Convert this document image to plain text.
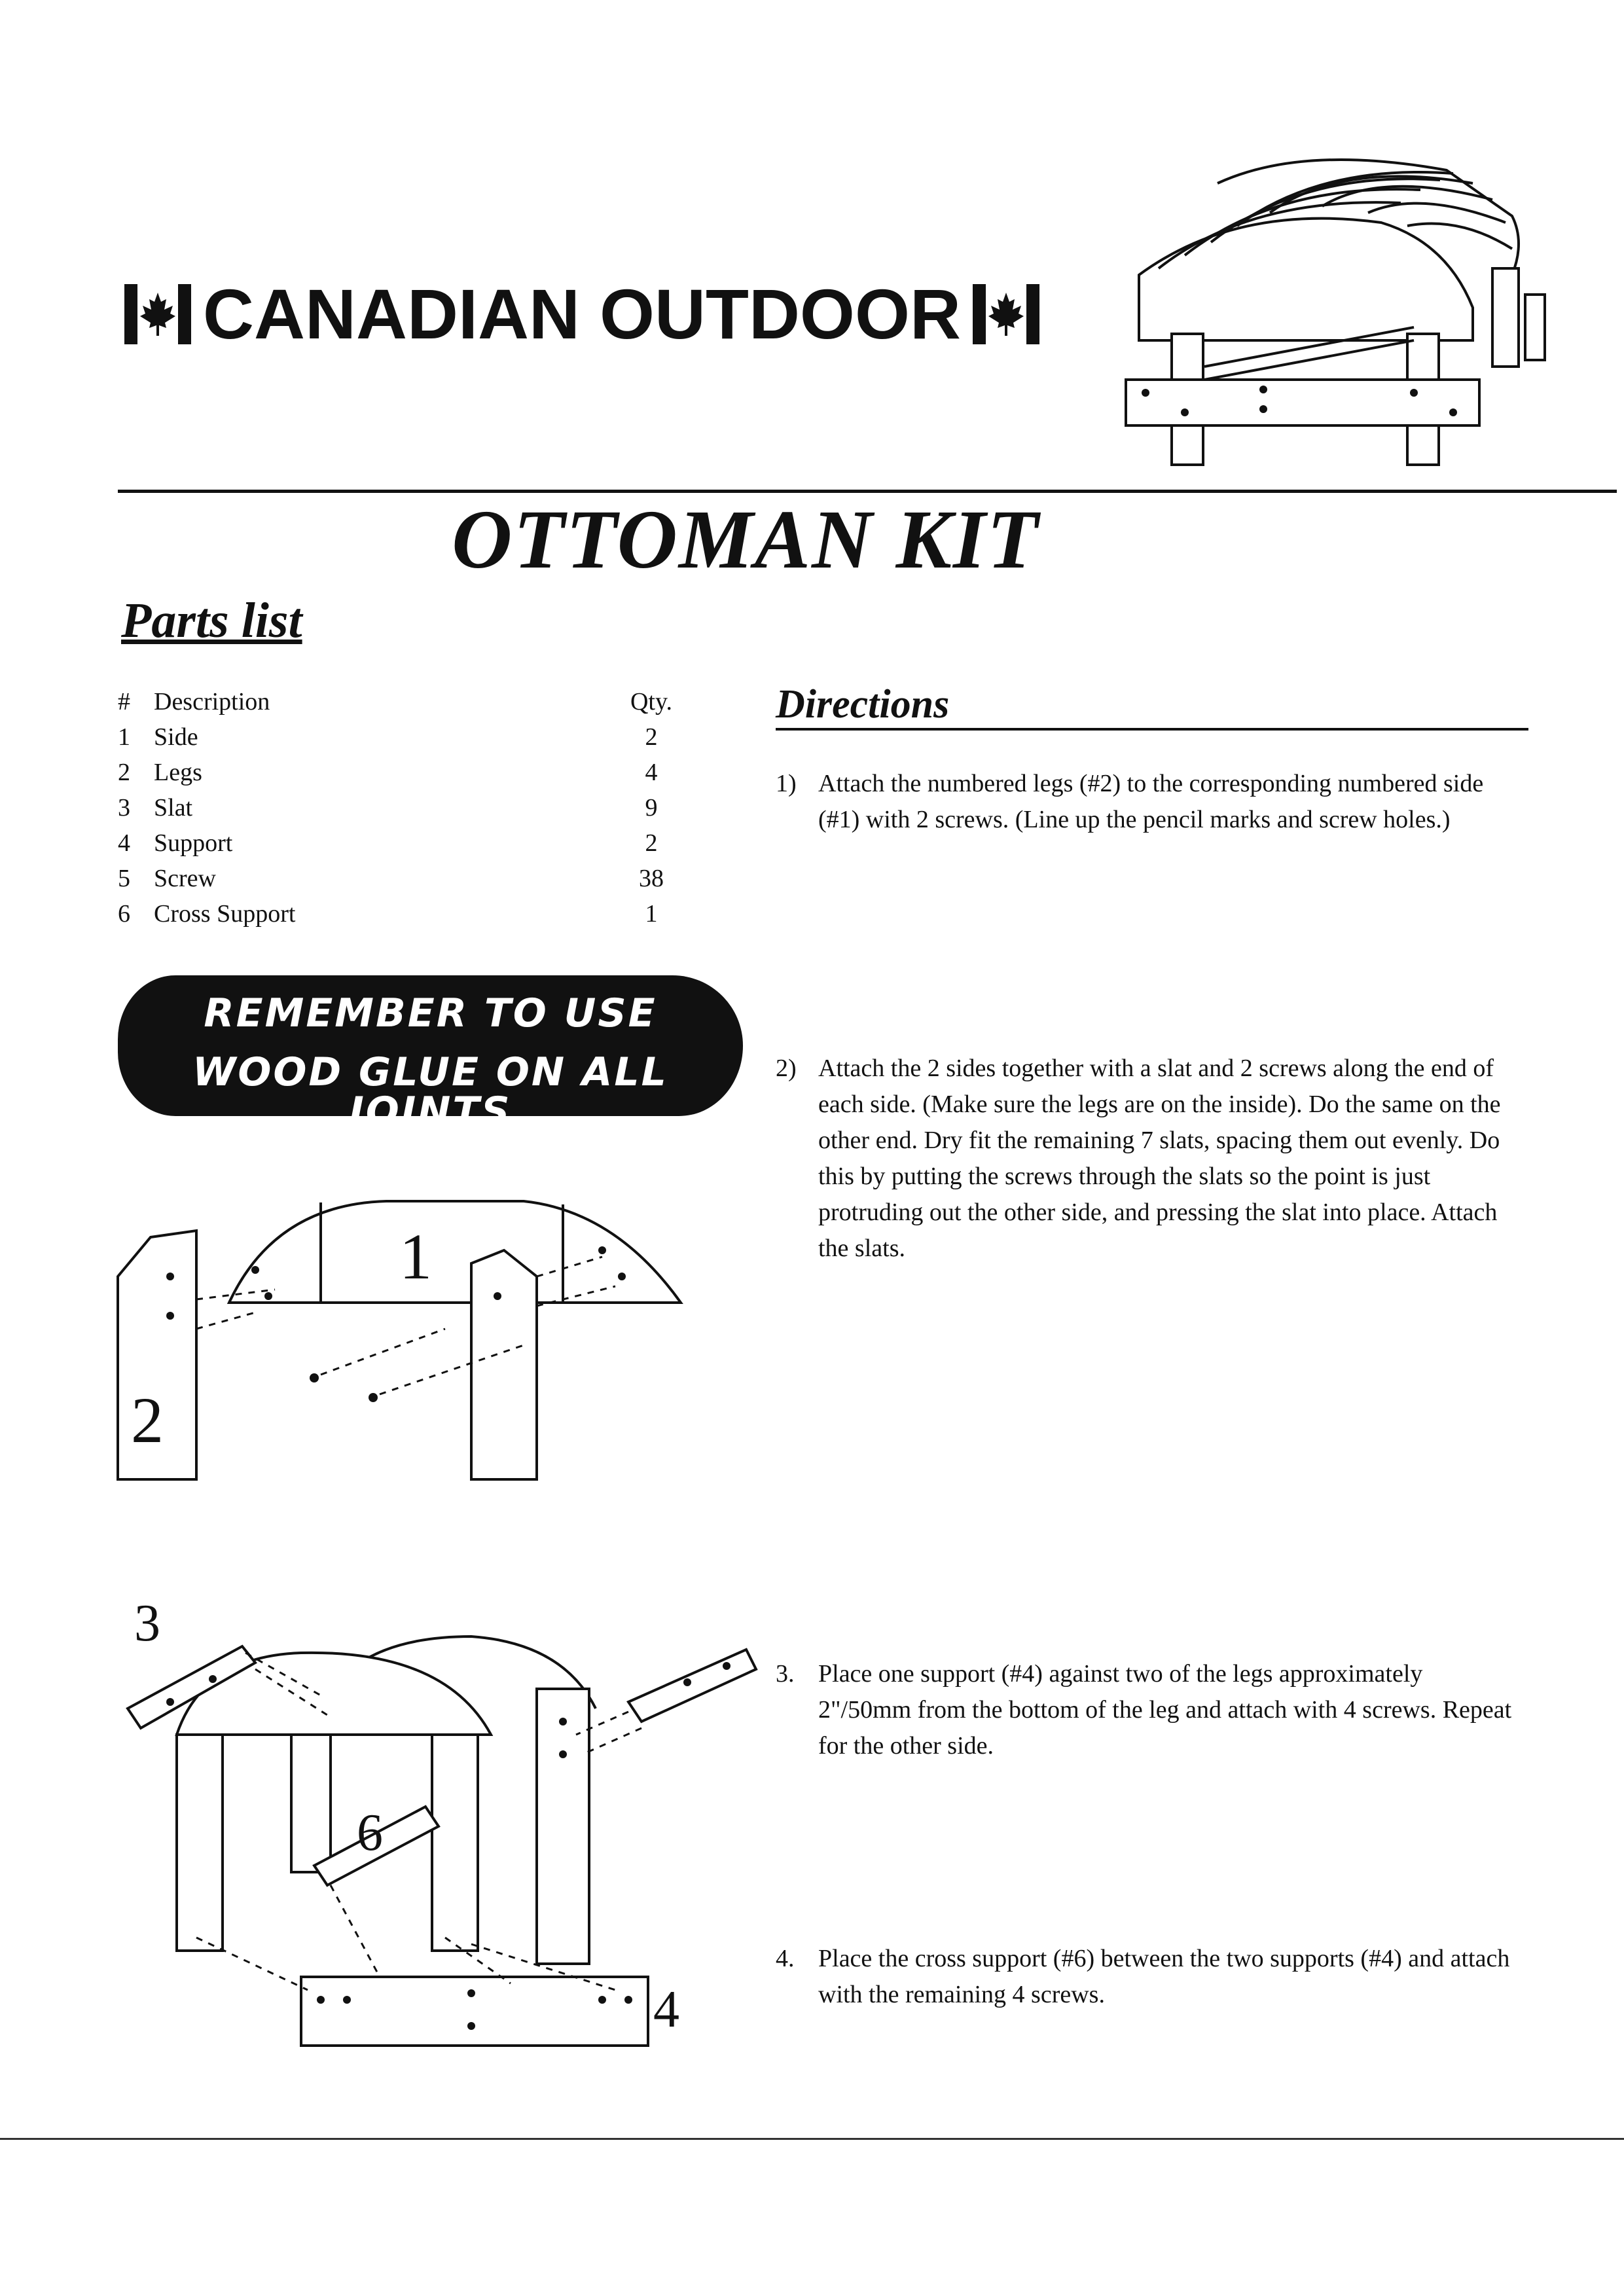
CANADIAN OUTDOOR
OTTOMAN KIT
Parts list
# Description	Qty.
1 Side	2
2 Legs	4
3 Slat	9
4 Support	2
5 Screw	38
6 Cross Support	1
Directions
1) Attach the numbered legs (#2) to the corresponding numbered side (#1) with 2 screws. (Line up the pencil marks and screw holes.)
2) Attach the 2 sides together with a slat and 2 screws along the end of each side. (Make sure the legs are on the inside). Do the same on the other end. Dry fit the remaining 7 slats, spacing them out evenly. Do this by putting the screws through the slats so the point is just protruding out the other side, and pressing the slat into place. Attach the slats.
3. Place one support (#4) against two of the legs approximately 2"/50mm from the bottom of the leg and attach with 4 screws. Repeat for the other side.
4. Place the cross support (#6) between the two supports (#4) and attach with the remaining 4 screws.
REMEMBER TO USE
WOOD GLUE ON ALL JOINTS
1
2
3
6
4
